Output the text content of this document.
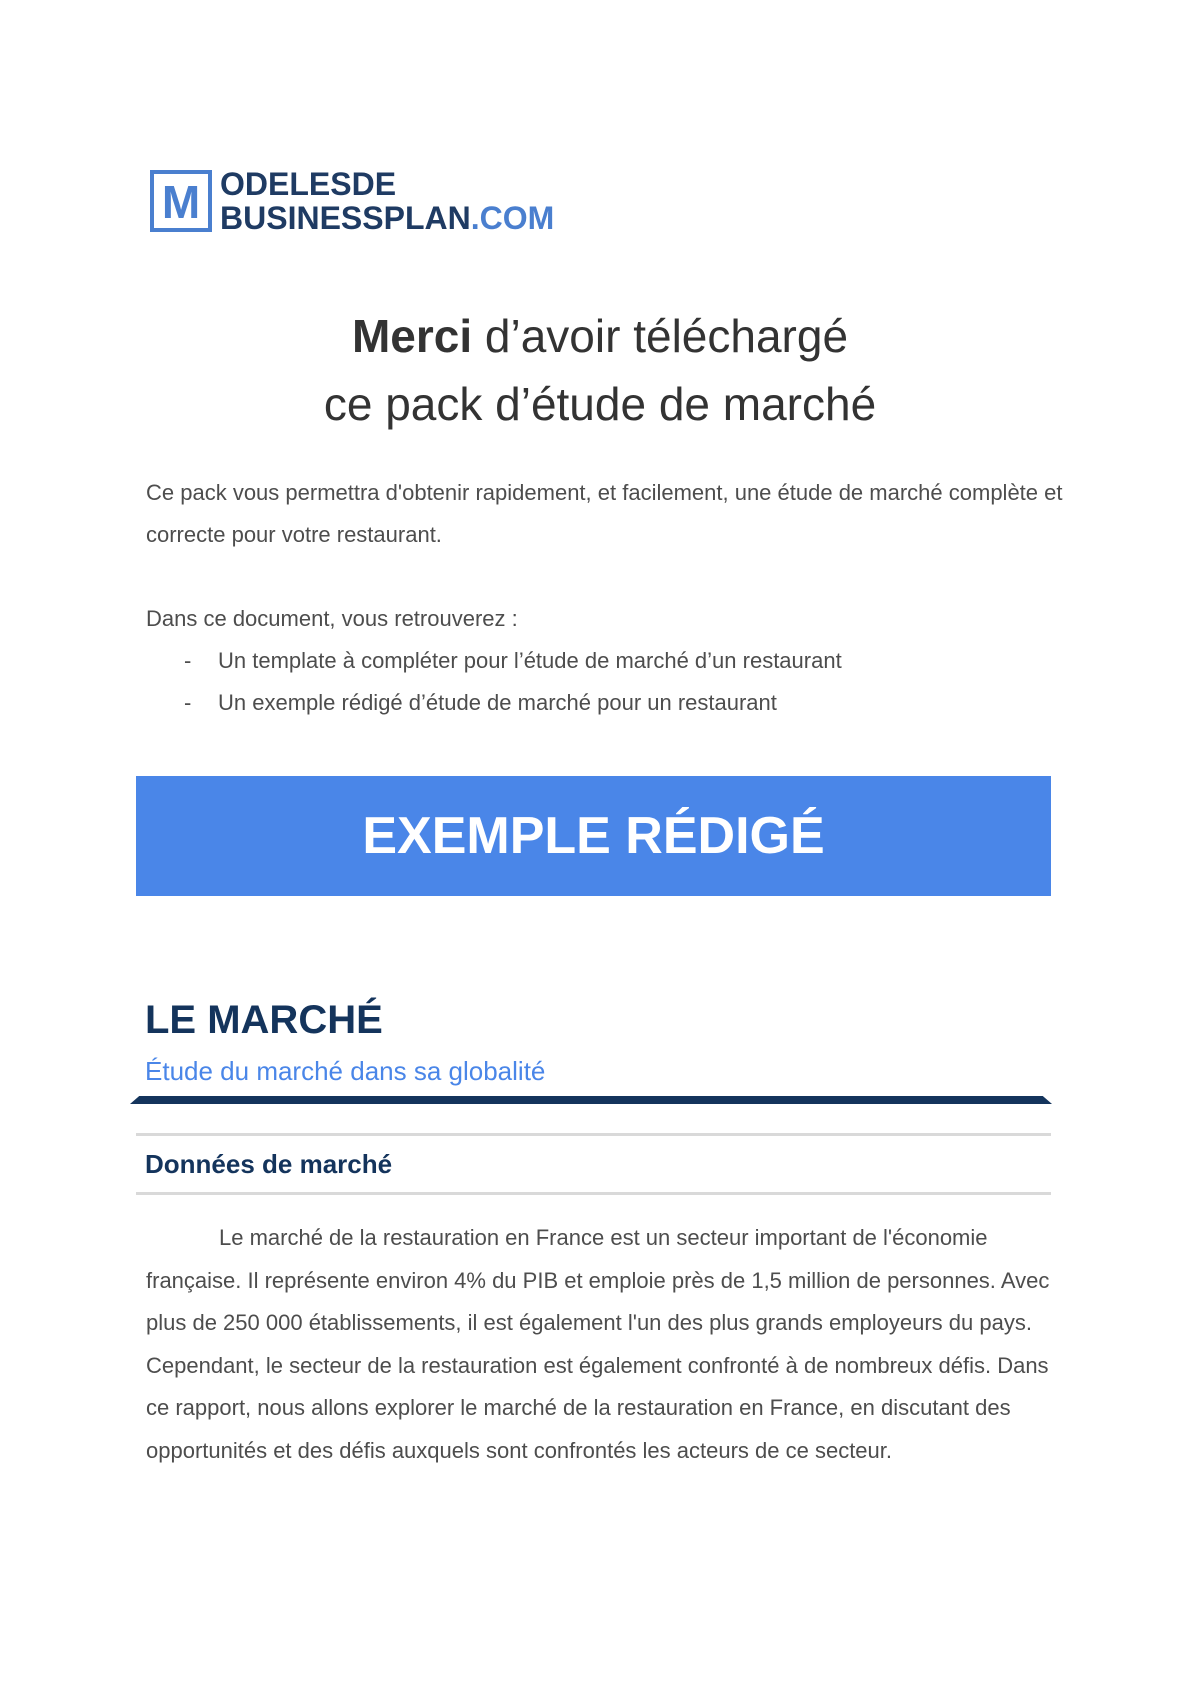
M ODELESDE
BUSINESSPLAN.COM
Merci d’avoir téléchargé
ce pack d’étude de marché

Ce pack vous permettra d'obtenir rapidement, et facilement, une étude de marché complète et correcte pour votre restaurant.

Dans ce document, vous retrouverez :

- Un template à compléter pour l’étude de marché d’un restaurant
- Un exemple rédigé d’étude de marché pour un restaurant
EXEMPLE RÉDIGÉ
LE MARCHÉ
Étude du marché dans sa globalité
Données de marché

Le marché de la restauration en France est un secteur important de l'économie française. Il représente environ 4% du PIB et emploie près de 1,5 million de personnes. Avec plus de 250 000 établissements, il est également l'un des plus grands employeurs du pays. Cependant, le secteur de la restauration est également confronté à de nombreux défis. Dans ce rapport, nous allons explorer le marché de la restauration en France, en discutant des opportunités et des défis auxquels sont confrontés les acteurs de ce secteur.
